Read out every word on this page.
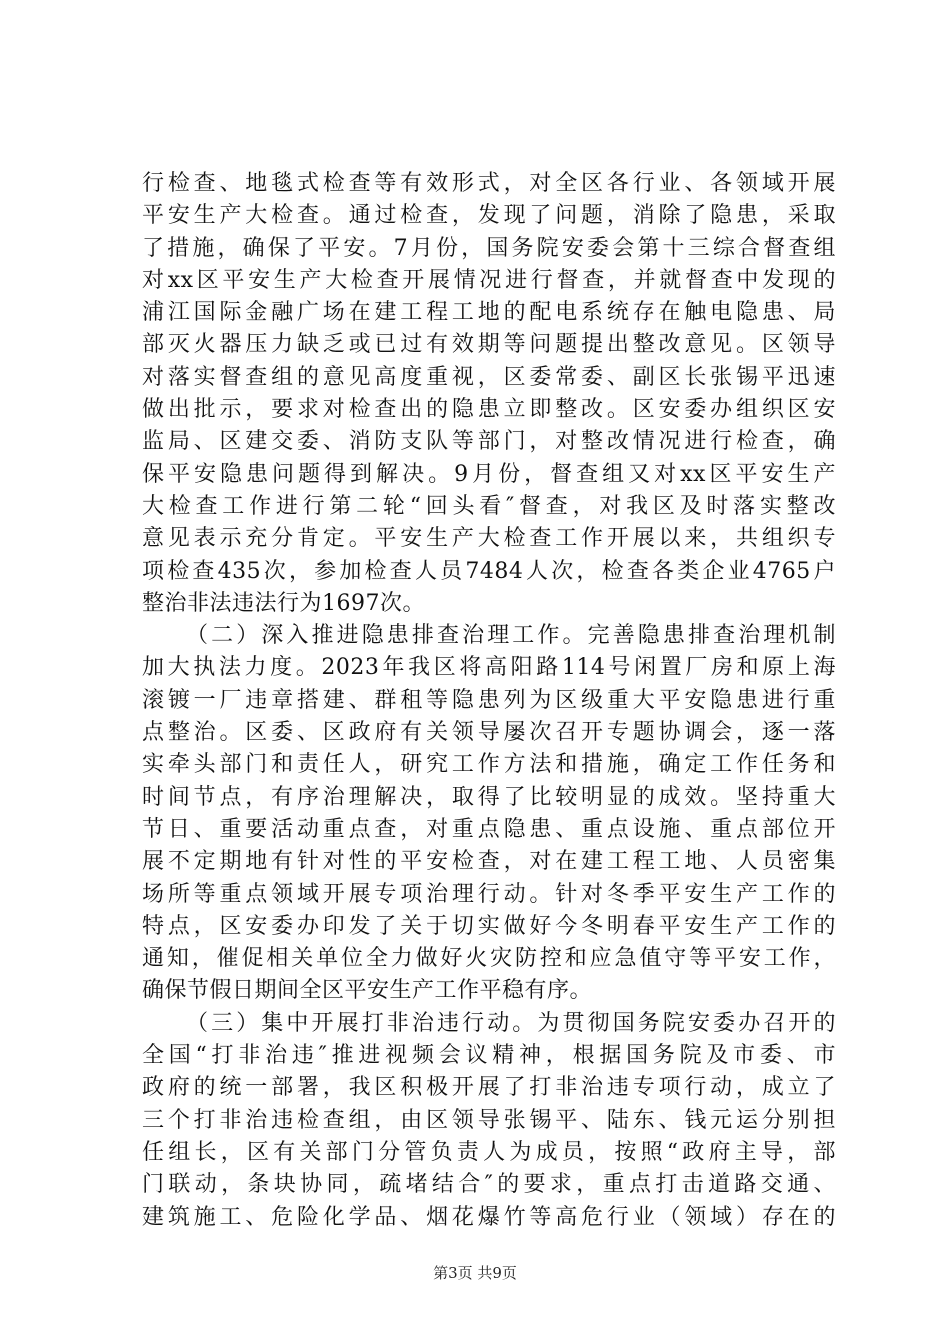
行检查、地毯式检查等有效形式，对全区各行业、各领域开展
平安生产大检查。通过检查，发现了问题，消除了隐患，采取
了措施，确保了平安。7月份，国务院安委会第十三综合督查组
对xx区平安生产大检查开展情况进行督查，并就督查中发现的
浦江国际金融广场在建工程工地的配电系统存在触电隐患、局
部灭火器压力缺乏或已过有效期等问题提出整改意见。区领导
对落实督查组的意见高度重视，区委常委、副区长张锡平迅速
做出批示，要求对检查出的隐患立即整改。区安委办组织区安
监局、区建交委、消防支队等部门，对整改情况进行检查，确
保平安隐患问题得到解决。9月份，督查组又对xx区平安生产
大检查工作进行第二轮“回头看″督查，对我区及时落实整改
意见表示充分肯定。平安生产大检查工作开展以来，共组织专
项检查435次，参加检查人员7484人次，检查各类企业4765户
整治非法违法行为1697次。
（二）深入推进隐患排查治理工作。完善隐患排查治理机制
加大执法力度。2023年我区将高阳路114号闲置厂房和原上海
滚镀一厂违章搭建、群租等隐患列为区级重大平安隐患进行重
点整治。区委、区政府有关领导屡次召开专题协调会，逐一落
实牵头部门和责任人，研究工作方法和措施，确定工作任务和
时间节点，有序治理解决，取得了比较明显的成效。坚持重大
节日、重要活动重点查，对重点隐患、重点设施、重点部位开
展不定期地有针对性的平安检查，对在建工程工地、人员密集
场所等重点领域开展专项治理行动。针对冬季平安生产工作的
特点，区安委办印发了关于切实做好今冬明春平安生产工作的
通知，催促相关单位全力做好火灾防控和应急值守等平安工作，
确保节假日期间全区平安生产工作平稳有序。
（三）集中开展打非治违行动。为贯彻国务院安委办召开的
全国“打非治违″推进视频会议精神，根据国务院及市委、市
政府的统一部署，我区积极开展了打非治违专项行动，成立了
三个打非治违检查组，由区领导张锡平、陆东、钱元运分别担
任组长，区有关部门分管负责人为成员，按照“政府主导，部
门联动，条块协同，疏堵结合″的要求，重点打击道路交通、
建筑施工、危险化学品、烟花爆竹等高危行业（领域）存在的
第3页 共9页
